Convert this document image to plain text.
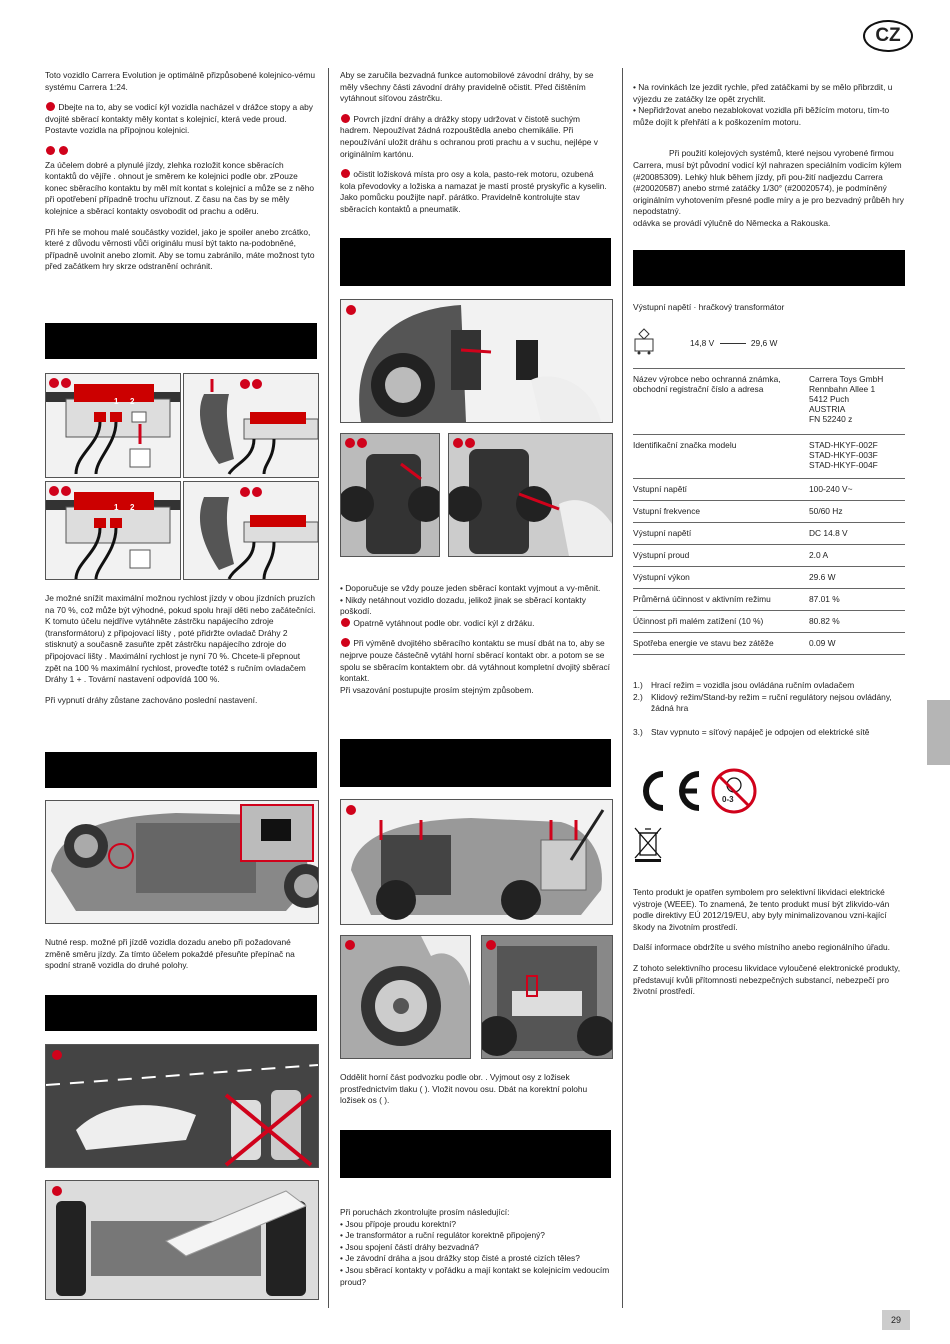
CZ

Toto vozidlo Carrera Evolution je optimálně přizpůsobené kolejnico-vému systému Carrera 1:24.

Dbejte na to, aby se vodicí kýl vozidla nacházel v drážce stopy a aby dvojité sběrací kontakty měly kontat s kolejnicí, která vede proud. Postavte vozidla na přípojnou kolejnici.

Za účelem dobré a plynulé jízdy, zlehka rozložit konce sběracích kontaktů do vějíře . ohnout je směrem ke kolejnici podle obr. zPouze konec sběracího kontaktu by měl mít kontat s kolejnicí a může se z něho při opotřebení případně trochu uříznout. Z času na čas by se měly kolejnice a sběrací kontakty osvobodit od prachu a oděru.

Při hře se mohou malé součástky vozidel, jako je spoiler anebo zrcátko, které z důvodu věrnosti vůči originálu musí být takto na-podobněné, případně uvolnit anebo zlomit. Aby se tomu zabránilo, máte možnost tyto před začátkem hry skrze odstranění ochránit.

1 2
1 2

Je možné snížit maximální možnou rychlost jízdy v obou jízdních pruzích na 70 %, což může být výhodné, pokud spolu hrají děti nebo začátečníci. K tomuto účelu nejdříve vytáhněte zástrčku napájecího zdroje (transformátoru) z připojovací lišty , poté přidržte ovladač Dráhy 2 stisknutý a současně zasuňte zpět zástrčku napájecího zdroje do připojovací lišty . Maximální rychlost je nyní 70 %. Chcete-li přepnout zpět na 100 % maximální rychlost, proveďte totéž s ručním ovladačem Dráhy 1 + . Tovární nastavení odpovídá 100 %.

Při vypnutí dráhy zůstane zachováno poslední nastavení.

Nutné resp. možné při jízdě vozidla dozadu anebo při požadované změně směru jízdy. Za tímto účelem pokaždé přesuňte přepínač na spodní straně vozidla do druhé polohy.

Aby se zaručila bezvadná funkce automobilové závodní dráhy, by se měly všechny části závodní dráhy pravidelně očistit. Před čištěním vytáhnout síťovou zástrčku.

Povrch jízdní dráhy a drážky stopy udržovat v čistotě suchým hadrem. Nepoužívat žádná rozpouštědla anebo chemikálie. Při nepoužívání uložit dráhu s ochranou proti prachu a v suchu, nejlépe v originálním kartónu.

očistit ložisková místa pro osy a kola, pasto-rek motoru, ozubená kola převodovky a ložiska a namazat je mastí prosté pryskyřic a kyselin. Jako pomůcku použijte např. párátko. Pravidelně kontrolujte stav sběracích kontaktů a pneumatik.

• Doporučuje se vždy pouze jeden sběrací kontakt vyjmout a vy-měnit.
• Nikdy netáhnout vozidlo dozadu, jelikož jinak se sběrací kontakty poškodí.

Opatrně vytáhnout podle obr. vodicí kýl z držáku.

Při výměně dvojitého sběracího kontaktu se musí dbát na to, aby se nejprve pouze částečně vytáhl horní sběrací kontakt obr. a potom se se spolu se sběracím kontaktem obr. dá vytáhnout kompletní dvojitý sběrací kontakt.

Při vsazování postupujte prosím stejným způsobem.

Oddělit horní část podvozku podle obr. . Vyjmout osy z ložisek prostřednictvím tlaku ( ). Vložit novou osu. Dbát na korektní polohu ložisek os ( ).

Při poruchách zkontrolujte prosím následující:
• Jsou přípoje proudu korektní?
• Je transformátor a ruční regulátor korektně připojený?
• Jsou spojení částí dráhy bezvadná?
• Je závodní dráha a jsou drážky stop čisté a prosté cizích těles?
• Jsou sběrací kontakty v pořádku a mají kontakt se kolejnicím vedoucím proud?
• Na rovinkách lze jezdit rychle, před zatáčkami by se mělo přibrzdit, u výjezdu ze zatáčky lze opět zrychlit.
• Nepřidržovat anebo nezablokovat vozidla při běžícím motoru, tím-to může dojít k přehřátí a k poškozením motoru.
Při použití kolejových systémů, které nejsou vyrobené firmou Carrera, musí být původní vodicí kýl nahrazen speciálním vodicím kýlem (#20085309). Lehký hluk během jízdy, při pou-žití nadjezdu Carrera (#20020587) anebo strmé zatáčky 1/30° (#20020574), je podmíněný originálním vyhotovením přesné podle míry a je pro bezvadný průběh hry nepodstatný.
odávka se provádí výlučně do Německa a Rakouska.
Výstupní napětí · hračkový transformátor
14,8 V	29,6 W
Název výrobce nebo ochranná známka, obchodní registrační číslo a adresa	Carrera Toys GmbH
Rennbahn Allee 1
5412 Puch
AUSTRIA
FN 52240 z
Identifikační značka modelu	STAD-HKYF-002F
STAD-HKYF-003F
STAD-HKYF-004F
Vstupní napětí	100-240 V~
Vstupní frekvence	50/60 Hz
Výstupní napětí	DC 14.8 V
Výstupní proud	2.0 A
Výstupní výkon	29.6 W
Průměrná účinnost v aktivním režimu	87.01 %
Účinnost při malém zatížení (10 %)	80.82 %
Spotřeba energie ve stavu bez zátěže	0.09 W
1.) Hrací režim = vozidla jsou ovládána ručním ovladačem
2.) Klidový režim/Stand-by režim = ruční regulátory nejsou ovládány, žádná hra
3.) Stav vypnuto = síťový napáječ je odpojen od elektrické sítě
0-3

Tento produkt je opatřen symbolem pro selektivní likvidaci elektrické výstroje (WEEE). To znamená, že tento produkt musí být zlikvido-ván podle direktivy EÚ 2012/19/EU, aby byly minimalizovanou vzni-kající škody na životním prostředí.

Další informace obdržíte u svého místního anebo regionálního úřadu.

Z tohoto selektivního procesu likvidace vyloučené elektronické produkty, představují kvůli přítomnosti nebezpečných substancí, nebezpečí pro životní prostředí.

29
